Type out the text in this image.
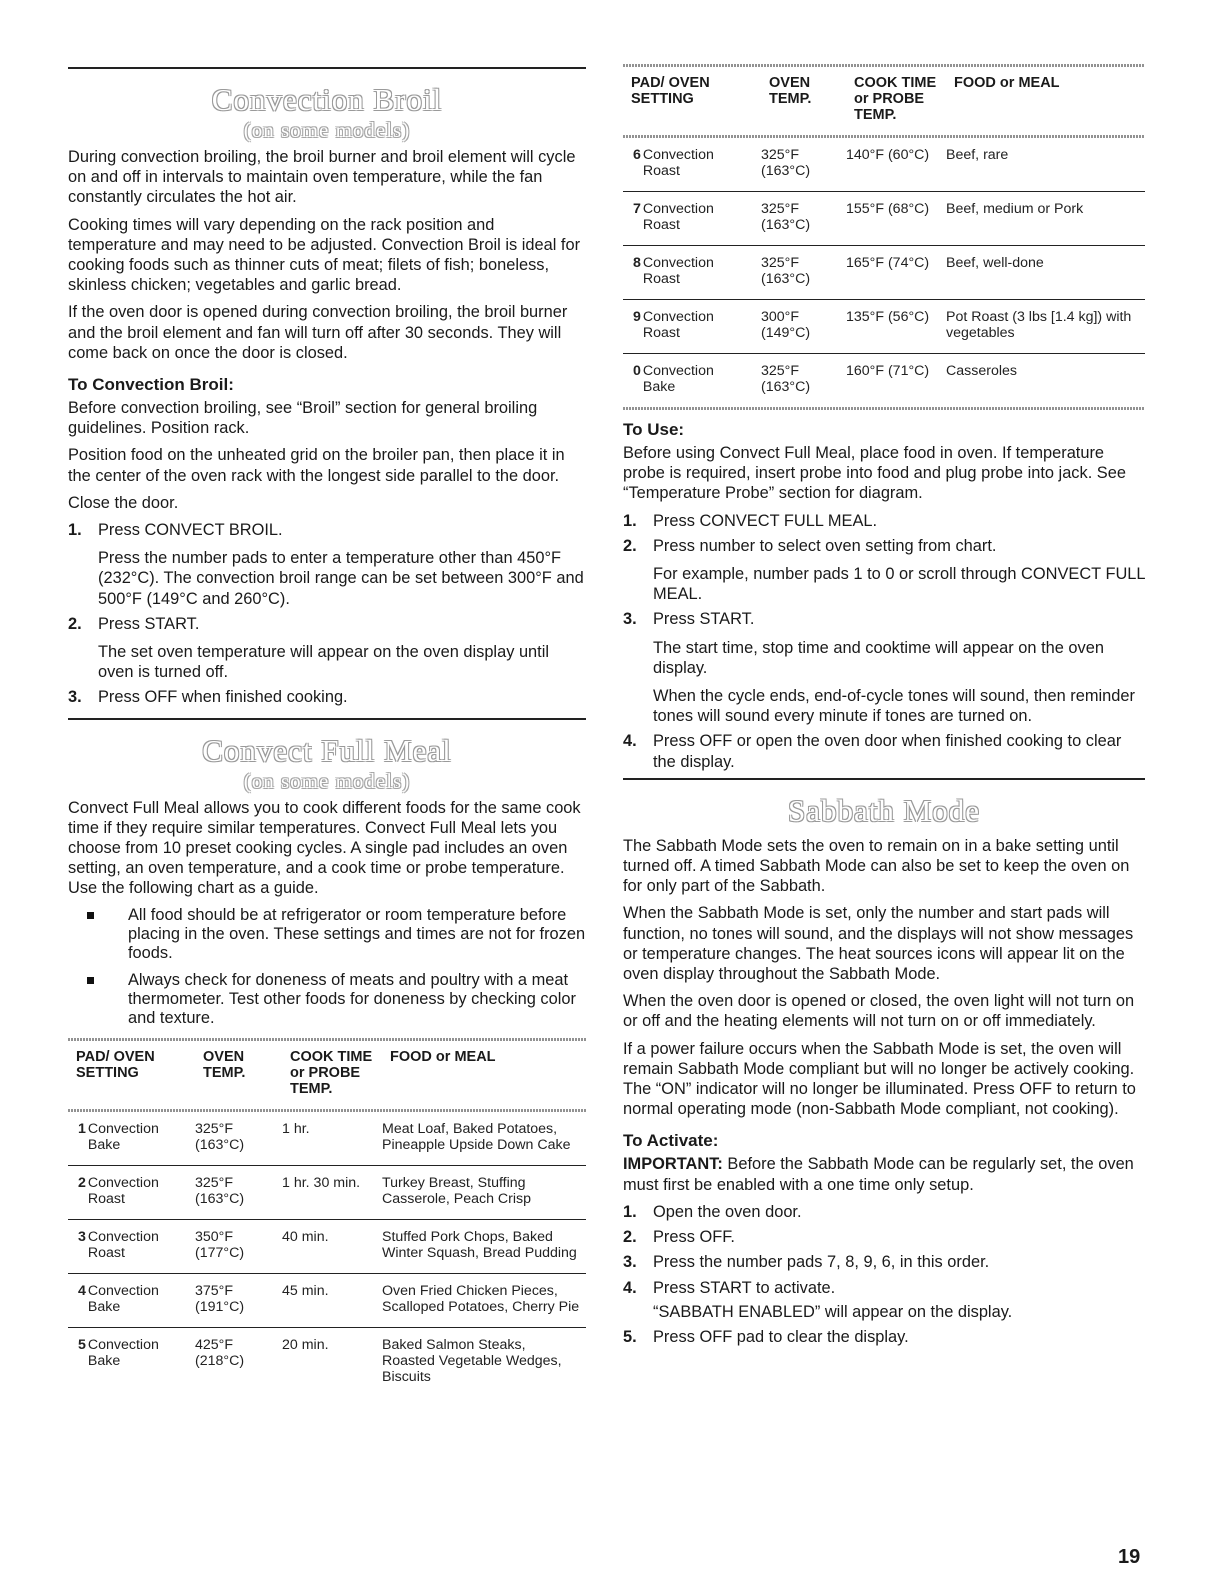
Convection Broil
(on some models)

During convection broiling, the broil burner and broil element will cycle on and off in intervals to maintain oven temperature, while the fan constantly circulates the hot air.

Cooking times will vary depending on the rack position and temperature and may need to be adjusted. Convection Broil is ideal for cooking foods such as thinner cuts of meat; filets of fish; boneless, skinless chicken; vegetables and garlic bread.

If the oven door is opened during convection broiling, the broil burner and the broil element and fan will turn off after 30 seconds. They will come back on once the door is closed.

To Convection Broil:

Before convection broiling, see “Broil” section for general broiling guidelines. Position rack.

Position food on the unheated grid on the broiler pan, then place it in the center of the oven rack with the longest side parallel to the door.

Close the door.

1. Press CONVECT BROIL.
Press the number pads to enter a temperature other than 450°F (232°C). The convection broil range can be set between 300°F and 500°F (149°C and 260°C).
2. Press START.
The set oven temperature will appear on the oven display until oven is turned off.
3. Press OFF when finished cooking.
Convect Full Meal
(on some models)

Convect Full Meal allows you to cook different foods for the same cook time if they require similar temperatures. Convect Full Meal lets you choose from 10 preset cooking cycles. A single pad includes an oven setting, an oven temperature, and a cook time or probe temperature. Use the following chart as a guide.

All food should be at refrigerator or room temperature before placing in the oven. These settings and times are not for frozen foods.
Always check for doneness of meats and poultry with a meat thermometer. Test other foods for doneness by checking color and texture.
PAD/ OVEN SETTING	OVEN TEMP.	COOK TIME or PROBE TEMP.	FOOD or MEAL

1 Convection Bake	325°F (163°C)	1 hr.	Meat Loaf, Baked Potatoes, Pineapple Upside Down Cake
2 Convection Roast	325°F (163°C)	1 hr. 30 min.	Turkey Breast, Stuffing Casserole, Peach Crisp
3 Convection Roast	350°F (177°C)	40 min.	Stuffed Pork Chops, Baked Winter Squash, Bread Pudding
4 Convection Bake	375°F (191°C)	45 min.	Oven Fried Chicken Pieces, Scalloped Potatoes, Cherry Pie
5 Convection Bake	425°F (218°C)	20 min.	Baked Salmon Steaks, Roasted Vegetable Wedges, Biscuits
PAD/ OVEN SETTING	OVEN TEMP.	COOK TIME or PROBE TEMP.	FOOD or MEAL

6 Convection Roast	325°F (163°C)	140°F (60°C)	Beef, rare
7 Convection Roast	325°F (163°C)	155°F (68°C)	Beef, medium or Pork
8 Convection Roast	325°F (163°C)	165°F (74°C)	Beef, well-done
9 Convection Roast	300°F (149°C)	135°F (56°C)	Pot Roast (3 lbs [1.4 kg]) with vegetables
0 Convection Bake	325°F (163°C)	160°F (71°C)	Casseroles
To Use:

Before using Convect Full Meal, place food in oven. If temperature probe is required, insert probe into food and plug probe into jack. See “Temperature Probe” section for diagram.

1. Press CONVECT FULL MEAL.
2. Press number to select oven setting from chart.
For example, number pads 1 to 0 or scroll through CONVECT FULL MEAL.
3. Press START.
The start time, stop time and cooktime will appear on the oven display.
When the cycle ends, end-of-cycle tones will sound, then reminder tones will sound every minute if tones are turned on.
4. Press OFF or open the oven door when finished cooking to clear the display.
Sabbath Mode

The Sabbath Mode sets the oven to remain on in a bake setting until turned off. A timed Sabbath Mode can also be set to keep the oven on for only part of the Sabbath.

When the Sabbath Mode is set, only the number and start pads will function, no tones will sound, and the displays will not show messages or temperature changes. The heat sources icons will appear lit on the oven display throughout the Sabbath Mode.

When the oven door is opened or closed, the oven light will not turn on or off and the heating elements will not turn on or off immediately.

If a power failure occurs when the Sabbath Mode is set, the oven will remain Sabbath Mode compliant but will no longer be actively cooking. The “ON” indicator will no longer be illuminated. Press OFF to return to normal operating mode (non-Sabbath Mode compliant, not cooking).

To Activate:

IMPORTANT: Before the Sabbath Mode can be regularly set, the oven must first be enabled with a one time only setup.

1. Open the oven door.
2. Press OFF.
3. Press the number pads 7, 8, 9, 6, in this order.
4. Press START to activate.
“SABBATH ENABLED” will appear on the display.
5. Press OFF pad to clear the display.
19
